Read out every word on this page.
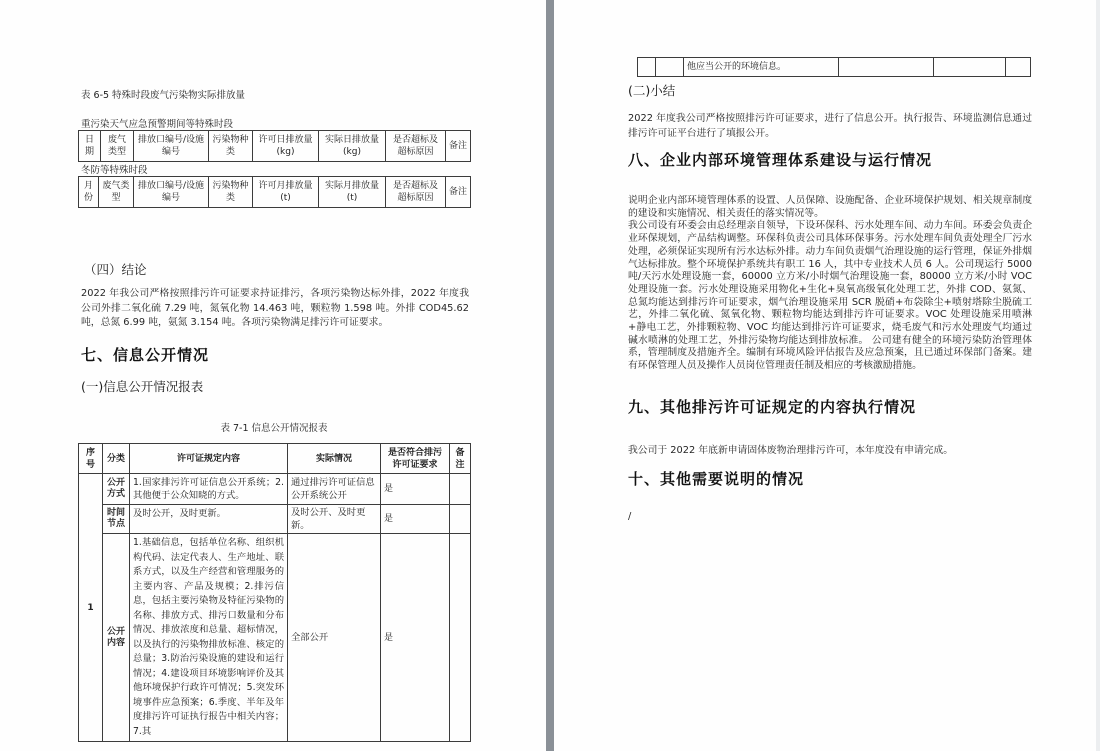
表 6-5 特殊时段废气污染物实际排放量
重污染天气应急预警期间等特殊时段
日期	废气类型	排放口编号/设施编号	污染物种类	许可日排放量(kg)	实际日排放量(kg)	是否超标及超标原因	备注
冬防等特殊时段
月份	废气类型	排放口编号/设施编号	污染物种类	许可月排放量(t)	实际月排放量(t)	是否超标及超标原因	备注
（四）结论
2022 年我公司严格按照排污许可证要求持证排污，各项污染物达标外排，2022 年度我公司外排二氧化硫 7.29 吨，氮氧化物 14.463 吨，颗粒物 1.598 吨。外排 COD45.62 吨，总氮 6.99 吨，氨氮 3.154 吨。各项污染物满足排污许可证要求。
七、信息公开情况
(一)信息公开情况报表
表 7-1 信息公开情况报表
序号	分类	许可证规定内容	实际情况	是否符合排污许可证要求	备注
1	公开方式	1.国家排污许可证信息公开系统；2.其他便于公众知晓的方式。	通过排污许可证信息公开系统公开	是	
	时间节点	及时公开，及时更新。	及时公开、及时更新。	是	
	公开内容	1.基础信息，包括单位名称、组织机构代码、法定代表人、生产地址、联系方式，以及生产经营和管理服务的主要内容、产品及规模；2.排污信息，包括主要污染物及特征污染物的名称、排放方式、排污口数量和分布情况、排放浓度和总量、超标情况，以及执行的污染物排放标准、核定的总量；3.防治污染设施的建设和运行情况；4.建设项目环境影响评价及其他环境保护行政许可情况；5.突发环境事件应急预案；6.季度、半年及年度排污许可证执行报告中相关内容；7.其	全部公开	是	
		他应当公开的环境信息。			
(二)小结
2022 年度我公司严格按照排污许可证要求，进行了信息公开。执行报告、环境监测信息通过排污许可证平台进行了填报公开。
八、企业内部环境管理体系建设与运行情况

说明企业内部环境管理体系的设置、人员保障、设施配备、企业环境保护规划、相关规章制度的建设和实施情况、相关责任的落实情况等。

我公司设有环委会由总经理亲自领导，下设环保科、污水处理车间、动力车间。环委会负责企业环保规划，产品结构调整。环保科负责公司具体环保事务。污水处理车间负责处理全厂污水处理，必须保证实现所有污水达标外排。动力车间负责烟气治理设施的运行管理，保证外排烟气达标排放。整个环境保护系统共有职工 16 人，其中专业技术人员 6 人。公司现运行 5000 吨/天污水处理设施一套，60000 立方米/小时烟气治理设施一套，80000 立方米/小时 VOC 处理设施一套。污水处理设施采用物化+生化+臭氧高级氧化处理工艺，外排 COD、氨氮、总氮均能达到排污许可证要求，烟气治理设施采用 SCR 脱硝+布袋除尘+喷射塔除尘脱硫工艺，外排二氧化硫、氮氧化物、颗粒物均能达到排污许可证要求。VOC 处理设施采用喷淋+静电工艺，外排颗粒物、VOC 均能达到排污许可证要求，烧毛废气和污水处理废气均通过碱水喷淋的处理工艺，外排污染物均能达到排放标准。 公司建有健全的环境污染防治管理体系，管理制度及措施齐全。编制有环境风险评估报告及应急预案，且已通过环保部门备案。建有环保管理人员及操作人员岗位管理责任制及相应的考核激励措施。

九、其他排污许可证规定的内容执行情况
我公司于 2022 年底新申请固体废物治理排污许可，本年度没有申请完成。
十、其他需要说明的情况
/
